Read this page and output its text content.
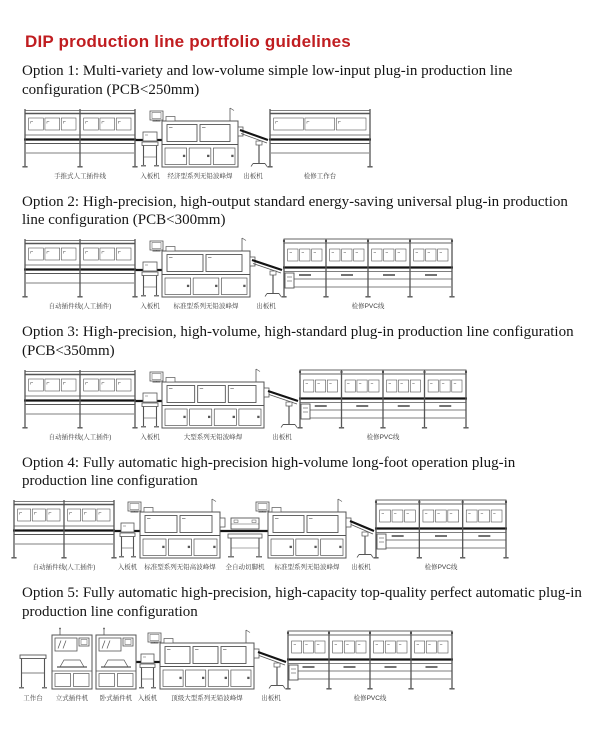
DIP production line portfolio guidelines
Option 1: Multi-variety and low-volume simple low-input plug-in production line configuration (PCB<250mm)
手推式人工插件线	入板机 经济型系列无铅波峰焊 出板机	检修工作台
Option 2: High-precision, high-output standard energy-saving universal plug-in production line configuration (PCB<300mm)
自动插件线(人工插件)	入板机 标准型系列无铅波峰焊	出板机	检修PVC线
Option 3: High-precision, high-volume, high-standard plug-in production line configuration (PCB<350mm)
自动插件线(人工插件)	入板机	大型系列无铅波峰焊	出板机	检修PVC线
Option 4: Fully automatic high-precision high-volume long-foot operation plug-in production line configuration
自动插件线(人工插件)	入板机 标准型系列无铅高波峰焊 全自动切脚机 标准型系列无铅波峰焊 出板机	检修PVC线
Option 5: Fully automatic high-precision, high-capacity top-quality perfect automatic plug-in production line configuration
工作台 立式插件机 卧式插件机 入板机 顶级大型系列无铅波峰焊	出板机	检修PVC线
